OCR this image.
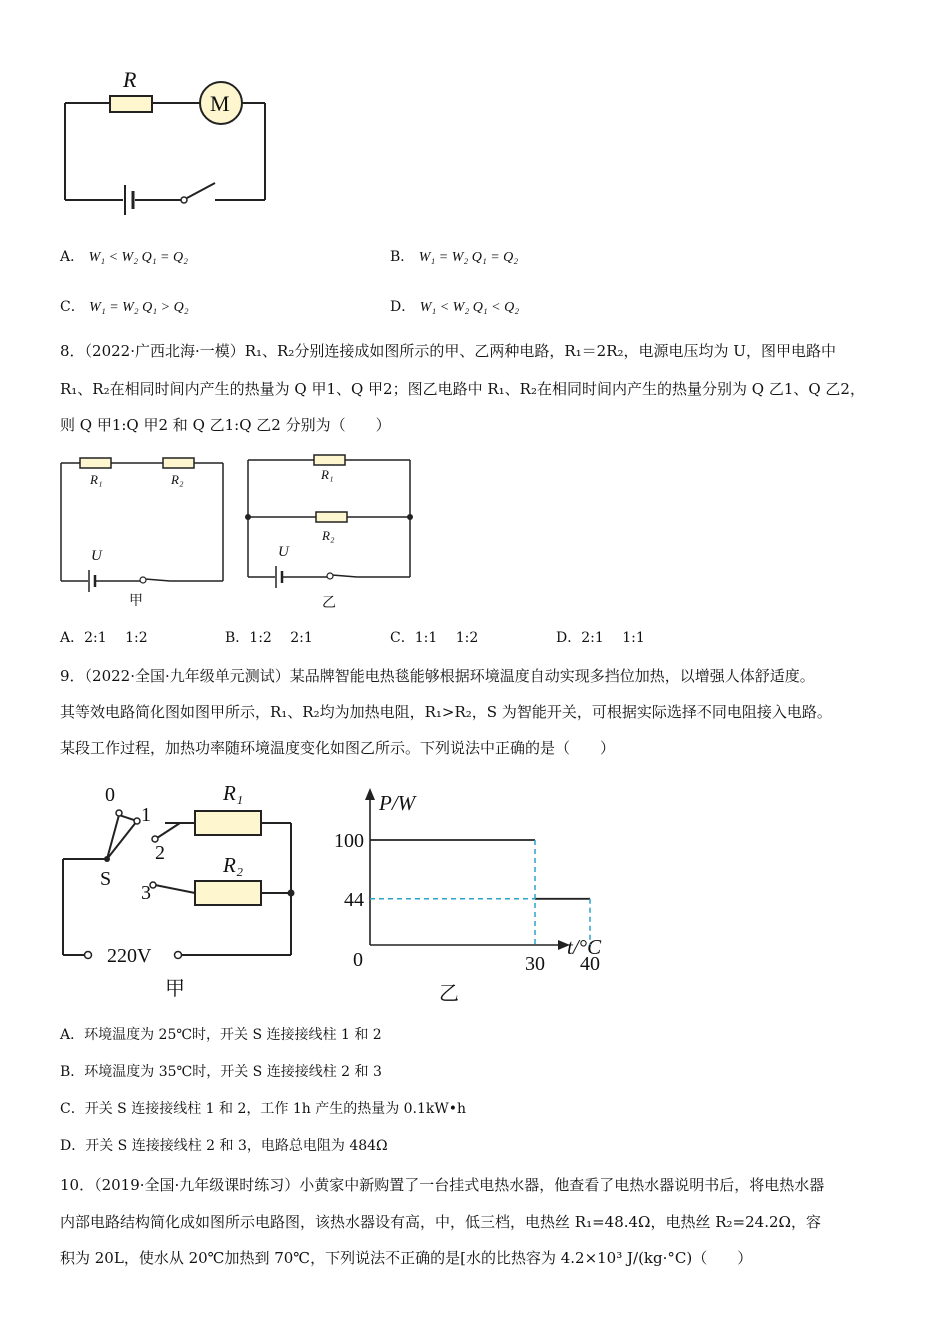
R
M
A． W₁ < W₂ Q₁ = Q₂	B． W₁ = W₂ Q₁ = Q₂
C． W₁ = W₂ Q₁ > Q₂	D． W₁ < W₂ Q₁ < Q₂
8．（2022·广西北海·一模）R₁、R₂分别连接成如图所示的甲、乙两种电路，R₁＝2R₂，电源电压均为 U，图甲电路中
R₁、R₂在相同时间内产生的热量为 Q 甲1、Q 甲2；图乙电路中 R₁、R₂在相同时间内产生的热量分别为 Q 乙1、Q 乙2，
则 Q 甲1:Q 甲2 和 Q 乙1:Q 乙2 分别为（　　）
R₁	R₂
U
甲
R₁
R₂
U
乙
A．2:1　 1:2	B．1:2　 2:1	C．1:1　 1:2	D．2:1　 1:1
9．（2022·全国·九年级单元测试）某品牌智能电热毯能够根据环境温度自动实现多挡位加热，以增强人体舒适度。
其等效电路简化图如图甲所示，R₁、R₂均为加热电阻，R₁>R₂，S 为智能开关，可根据实际选择不同电阻接入电路。
某段工作过程，加热功率随环境温度变化如图乙所示。下列说法中正确的是（　　）
0
1
2
3
S
R₁
R₂
220V
甲
P/W
t/°C
0
乙
100
44
30 40
A．环境温度为 25℃时，开关 S 连接接线柱 1 和 2
B．环境温度为 35℃时，开关 S 连接接线柱 2 和 3
C．开关 S 连接接线柱 1 和 2，工作 1h 产生的热量为 0.1kW•h
D．开关 S 连接接线柱 2 和 3，电路总电阻为 484Ω
10．（2019·全国·九年级课时练习）小黄家中新购置了一台挂式电热水器，他查看了电热水器说明书后，将电热水器
内部电路结构简化成如图所示电路图，该热水器设有高，中，低三档，电热丝 R₁=48.4Ω，电热丝 R₂=24.2Ω，容
积为 20L，使水从 20℃加热到 70℃，下列说法不正确的是[水的比热容为 4.2×10³ J/(kg·°C)（　　）
